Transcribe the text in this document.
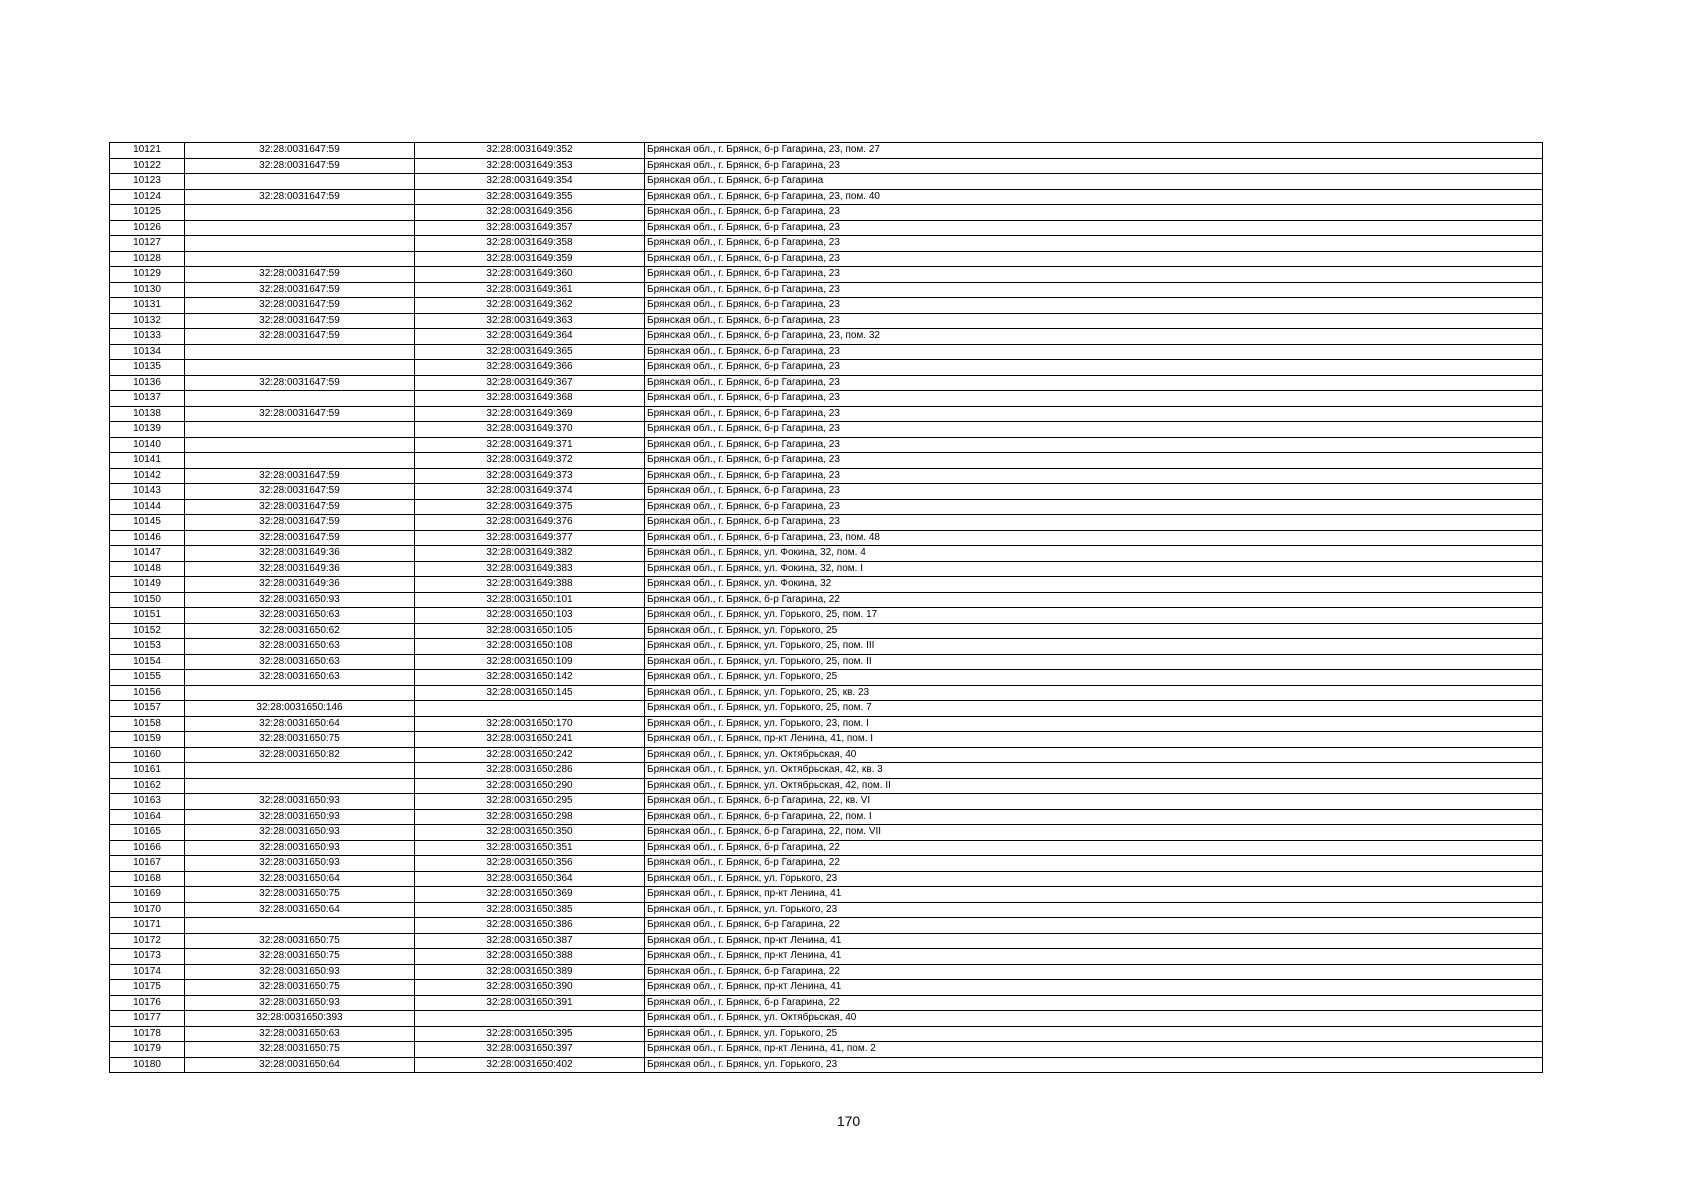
10121	32:28:0031647:59	32:28:0031649:352	Брянская обл., г. Брянск, б-р Гагарина, 23, пом. 27
10122	32:28:0031647:59	32:28:0031649:353	Брянская обл., г. Брянск, б-р Гагарина, 23
10123		32:28:0031649:354	Брянская обл., г. Брянск, б-р Гагарина
10124	32:28:0031647:59	32:28:0031649:355	Брянская обл., г. Брянск, б-р Гагарина, 23, пом. 40
10125		32:28:0031649:356	Брянская обл., г. Брянск, б-р Гагарина, 23
10126		32:28:0031649:357	Брянская обл., г. Брянск, б-р Гагарина, 23
10127		32:28:0031649:358	Брянская обл., г. Брянск, б-р Гагарина, 23
10128		32:28:0031649:359	Брянская обл., г. Брянск, б-р Гагарина, 23
10129	32:28:0031647:59	32:28:0031649:360	Брянская обл., г. Брянск, б-р Гагарина, 23
10130	32:28:0031647:59	32:28:0031649:361	Брянская обл., г. Брянск, б-р Гагарина, 23
10131	32:28:0031647:59	32:28:0031649:362	Брянская обл., г. Брянск, б-р Гагарина, 23
10132	32:28:0031647:59	32:28:0031649:363	Брянская обл., г. Брянск, б-р Гагарина, 23
10133	32:28:0031647:59	32:28:0031649:364	Брянская обл., г. Брянск, б-р Гагарина, 23, пом. 32
10134		32:28:0031649:365	Брянская обл., г. Брянск, б-р Гагарина, 23
10135		32:28:0031649:366	Брянская обл., г. Брянск, б-р Гагарина, 23
10136	32:28:0031647:59	32:28:0031649:367	Брянская обл., г. Брянск, б-р Гагарина, 23
10137		32:28:0031649:368	Брянская обл., г. Брянск, б-р Гагарина, 23
10138	32:28:0031647:59	32:28:0031649:369	Брянская обл., г. Брянск, б-р Гагарина, 23
10139		32:28:0031649:370	Брянская обл., г. Брянск, б-р Гагарина, 23
10140		32:28:0031649:371	Брянская обл., г. Брянск, б-р Гагарина, 23
10141		32:28:0031649:372	Брянская обл., г. Брянск, б-р Гагарина, 23
10142	32:28:0031647:59	32:28:0031649:373	Брянская обл., г. Брянск, б-р Гагарина, 23
10143	32:28:0031647:59	32:28:0031649:374	Брянская обл., г. Брянск, б-р Гагарина, 23
10144	32:28:0031647:59	32:28:0031649:375	Брянская обл., г. Брянск, б-р Гагарина, 23
10145	32:28:0031647:59	32:28:0031649:376	Брянская обл., г. Брянск, б-р Гагарина, 23
10146	32:28:0031647:59	32:28:0031649:377	Брянская обл., г. Брянск, б-р Гагарина, 23, пом. 48
10147	32:28:0031649:36	32:28:0031649:382	Брянская обл., г. Брянск, ул. Фокина, 32, пом. 4
10148	32:28:0031649:36	32:28:0031649:383	Брянская обл., г. Брянск, ул. Фокина, 32, пом. I
10149	32:28:0031649:36	32:28:0031649:388	Брянская обл., г. Брянск, ул. Фокина, 32
10150	32:28:0031650:93	32:28:0031650:101	Брянская обл., г. Брянск, б-р Гагарина, 22
10151	32:28:0031650:63	32:28:0031650:103	Брянская обл., г. Брянск, ул. Горького, 25, пом. 17
10152	32:28:0031650:62	32:28:0031650:105	Брянская обл., г. Брянск, ул. Горького, 25
10153	32:28:0031650:63	32:28:0031650:108	Брянская обл., г. Брянск, ул. Горького, 25, пом. III
10154	32:28:0031650:63	32:28:0031650:109	Брянская обл., г. Брянск, ул. Горького, 25, пом. II
10155	32:28:0031650:63	32:28:0031650:142	Брянская обл., г. Брянск, ул. Горького, 25
10156		32:28:0031650:145	Брянская обл., г. Брянск, ул. Горького, 25, кв. 23
10157	32:28:0031650:146		Брянская обл., г. Брянск, ул. Горького, 25, пом. 7
10158	32:28:0031650:64	32:28:0031650:170	Брянская обл., г. Брянск, ул. Горького, 23, пом. I
10159	32:28:0031650:75	32:28:0031650:241	Брянская обл., г. Брянск, пр-кт Ленина, 41, пом. I
10160	32:28:0031650:82	32:28:0031650:242	Брянская обл., г. Брянск, ул. Октябрьская, 40
10161		32:28:0031650:286	Брянская обл., г. Брянск, ул. Октябрьская, 42, кв. 3
10162		32:28:0031650:290	Брянская обл., г. Брянск, ул. Октябрьская, 42, пом. II
10163	32:28:0031650:93	32:28:0031650:295	Брянская обл., г. Брянск, б-р Гагарина, 22, кв. VI
10164	32:28:0031650:93	32:28:0031650:298	Брянская обл., г. Брянск, б-р Гагарина, 22, пом. I
10165	32:28:0031650:93	32:28:0031650:350	Брянская обл., г. Брянск, б-р Гагарина, 22, пом. VII
10166	32:28:0031650:93	32:28:0031650:351	Брянская обл., г. Брянск, б-р Гагарина, 22
10167	32:28:0031650:93	32:28:0031650:356	Брянская обл., г. Брянск, б-р Гагарина, 22
10168	32:28:0031650:64	32:28:0031650:364	Брянская обл., г. Брянск, ул. Горького, 23
10169	32:28:0031650:75	32:28:0031650:369	Брянская обл., г. Брянск, пр-кт Ленина, 41
10170	32:28:0031650:64	32:28:0031650:385	Брянская обл., г. Брянск, ул. Горького, 23
10171		32:28:0031650:386	Брянская обл., г. Брянск, б-р Гагарина, 22
10172	32:28:0031650:75	32:28:0031650:387	Брянская обл., г. Брянск, пр-кт Ленина, 41
10173	32:28:0031650:75	32:28:0031650:388	Брянская обл., г. Брянск, пр-кт Ленина, 41
10174	32:28:0031650:93	32:28:0031650:389	Брянская обл., г. Брянск, б-р Гагарина, 22
10175	32:28:0031650:75	32:28:0031650:390	Брянская обл., г. Брянск, пр-кт Ленина, 41
10176	32:28:0031650:93	32:28:0031650:391	Брянская обл., г. Брянск, б-р Гагарина, 22
10177	32:28:0031650:393		Брянская обл., г. Брянск, ул. Октябрьская, 40
10178	32:28:0031650:63	32:28:0031650:395	Брянская обл., г. Брянск, ул. Горького, 25
10179	32:28:0031650:75	32:28:0031650:397	Брянская обл., г. Брянск, пр-кт Ленина, 41, пом. 2
10180	32:28:0031650:64	32:28:0031650:402	Брянская обл., г. Брянск, ул. Горького, 23
170
